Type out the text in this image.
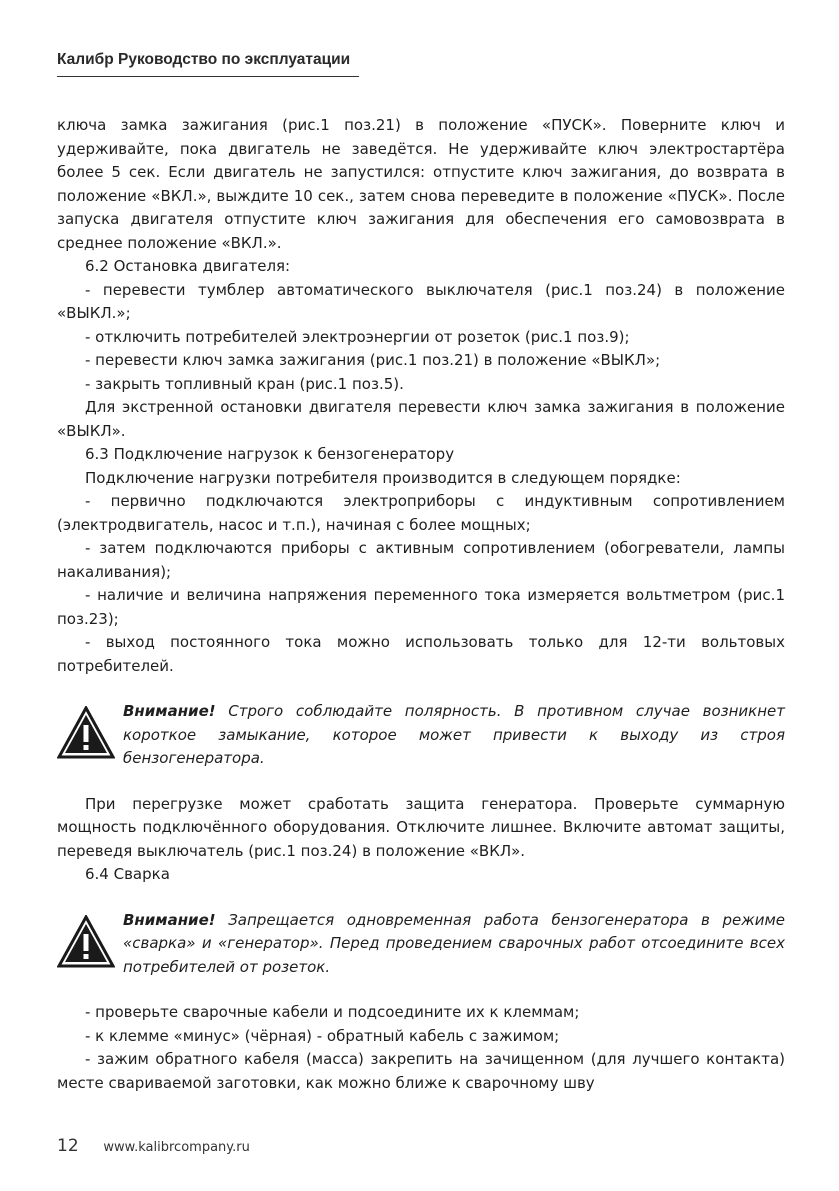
Калибр Руководство по эксплуатации

ключа замка зажигания (рис.1 поз.21) в положение «ПУСК». Поверните ключ и удерживайте, пока двигатель не заведётся. Не удерживайте ключ электростартёра более 5 сек. Если двигатель не запустился: отпустите ключ зажигания, до возврата в положение «ВКЛ.», выждите 10 сек., затем снова переведите в положение «ПУСК». После запуска двигателя отпустите ключ зажигания для обеспечения его самовозврата в среднее положение «ВКЛ.».

6.2 Остановка двигателя:

- перевести тумблер автоматического выключателя (рис.1 поз.24) в положение «ВЫКЛ.»;

- отключить потребителей электроэнергии от розеток (рис.1 поз.9);

- перевести ключ замка зажигания (рис.1 поз.21) в положение «ВЫКЛ»;

- закрыть топливный кран (рис.1 поз.5).

Для экстренной остановки двигателя перевести ключ замка зажигания в положение «ВЫКЛ».

6.3 Подключение нагрузок к бензогенератору

Подключение нагрузки потребителя производится в следующем порядке:

- первично подключаются электроприборы с индуктивным сопротивлением (электродвигатель, насос и т.п.), начиная с более мощных;

- затем подключаются приборы с активным сопротивлением (обогреватели, лампы накаливания);

- наличие и величина напряжения переменного тока измеряется вольтметром (рис.1 поз.23);

- выход постоянного тока можно использовать только для 12-ти вольтовых потребителей.

Внимание! Строго соблюдайте полярность. В противном случае возникнет короткое замыкание, которое может привести к выходу из строя бензогенератора.

При перегрузке может сработать защита генератора. Проверьте суммарную мощность подключённого оборудования. Отключите лишнее. Включите автомат защиты, переведя выключатель (рис.1 поз.24) в положение «ВКЛ».

6.4 Сварка

Внимание! Запрещается одновременная работа бензогенератора в режиме «сварка» и «генератор». Перед проведением сварочных работ отсоедините всех потребителей от розеток.

- проверьте сварочные кабели и подсоедините их к клеммам;

- к клемме «минус» (чёрная) - обратный кабель с зажимом;

- зажим обратного кабеля (масса) закрепить на зачищенном (для лучшего контакта) месте свариваемой заготовки, как можно ближе к сварочному шву

12 www.kalibrcompany.ru
